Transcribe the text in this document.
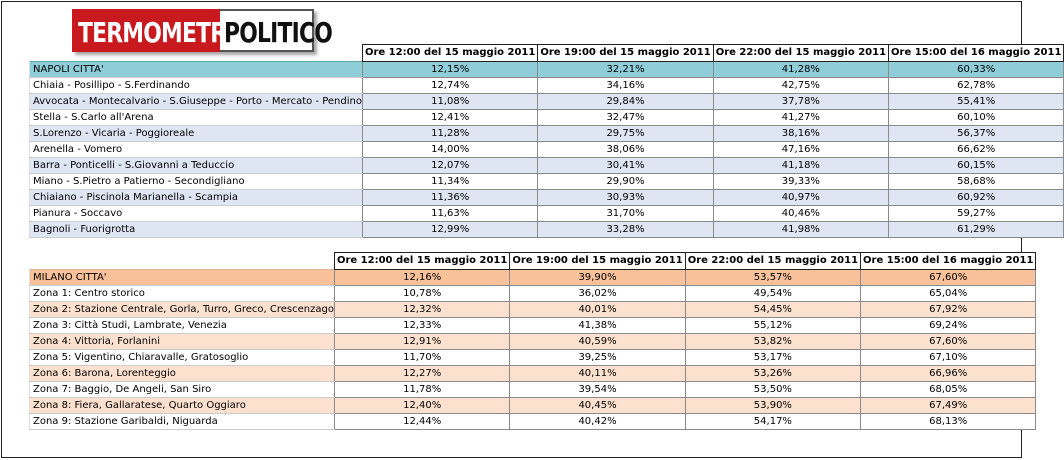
TERMOMETRO
POLITICO
	Ore 12:00 del 15 maggio 2011	Ore 19:00 del 15 maggio 2011	Ore 22:00 del 15 maggio 2011	Ore 15:00 del 16 maggio 2011
NAPOLI CITTA'	12,15%	32,21%	41,28%	60,33%
Chiaia - Posillipo - S.Ferdinando	12,74%	34,16%	42,75%	62,78%
Avvocata - Montecalvario - S.Giuseppe - Porto - Mercato - Pendino	11,08%	29,84%	37,78%	55,41%
Stella - S.Carlo all'Arena	12,41%	32,47%	41,27%	60,10%
S.Lorenzo - Vicaria - Poggioreale	11,28%	29,75%	38,16%	56,37%
Arenella - Vomero	14,00%	38,06%	47,16%	66,62%
Barra - Ponticelli - S.Giovanni a Teduccio	12,07%	30,41%	41,18%	60,15%
Miano - S.Pietro a Patierno - Secondigliano	11,34%	29,90%	39,33%	58,68%
Chiaiano - Piscinola Marianella - Scampia	11,36%	30,93%	40,97%	60,92%
Pianura - Soccavo	11,63%	31,70%	40,46%	59,27%
Bagnoli - Fuorigrotta	12,99%	33,28%	41,98%	61,29%
	Ore 12:00 del 15 maggio 2011	Ore 19:00 del 15 maggio 2011	Ore 22:00 del 15 maggio 2011	Ore 15:00 del 16 maggio 2011
MILANO CITTA'	12,16%	39,90%	53,57%	67,60%
Zona 1: Centro storico	10,78%	36,02%	49,54%	65,04%
Zona 2: Stazione Centrale, Gorla, Turro, Greco, Crescenzago	12,32%	40,01%	54,45%	67,92%
Zona 3: Città Studi, Lambrate, Venezia	12,33%	41,38%	55,12%	69,24%
Zona 4: Vittoria, Forlanini	12,91%	40,59%	53,82%	67,60%
Zona 5: Vigentino, Chiaravalle, Gratosoglio	11,70%	39,25%	53,17%	67,10%
Zona 6: Barona, Lorenteggio	12,27%	40,11%	53,26%	66,96%
Zona 7: Baggio, De Angeli, San Siro	11,78%	39,54%	53,50%	68,05%
Zona 8: Fiera, Gallaratese, Quarto Oggiaro	12,40%	40,45%	53,90%	67,49%
Zona 9: Stazione Garibaldi, Niguarda	12,44%	40,42%	54,17%	68,13%
